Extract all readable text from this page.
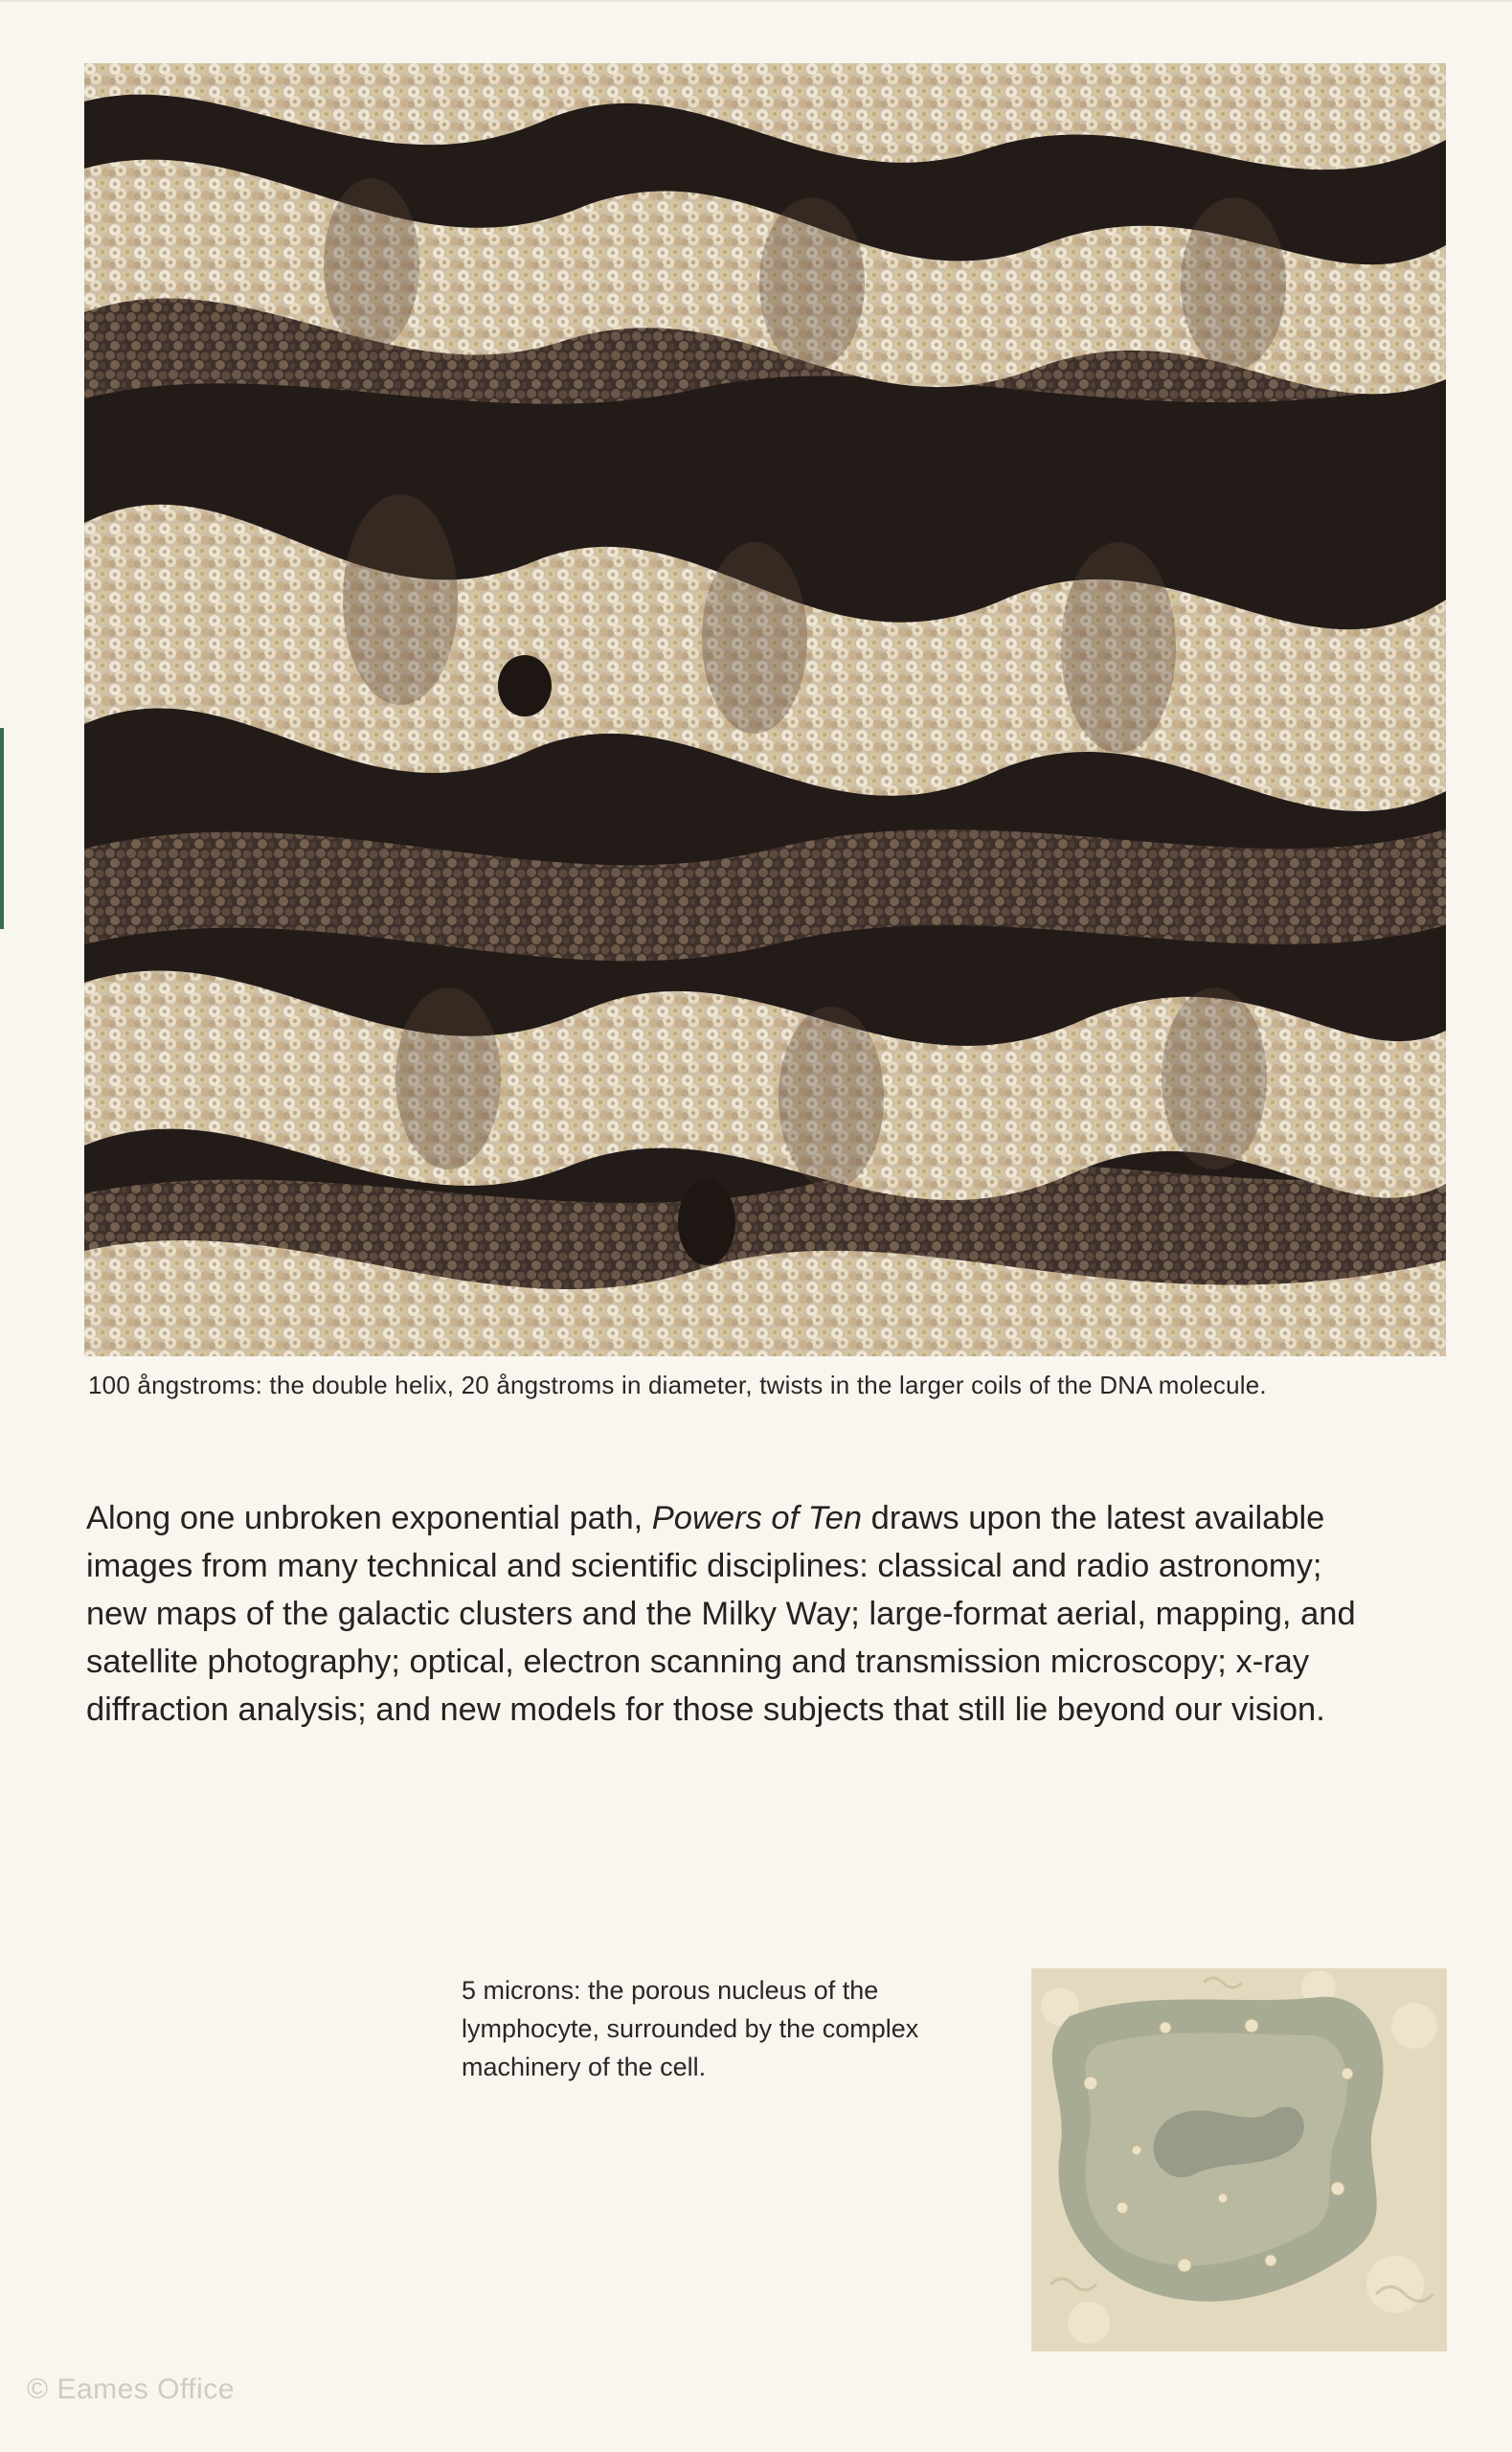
100 ångstroms: the double helix, 20 ångstroms in diameter, twists in the larger coils of the DNA molecule.

Along one unbroken exponential path, Powers of Ten draws upon the latest available
images from many technical and scientific disciplines: classical and radio astronomy;
new maps of the galactic clusters and the Milky Way; large-format aerial, mapping, and
satellite photography; optical, electron scanning and transmission microscopy; x-ray
diffraction analysis; and new models for those subjects that still lie beyond our vision.

5 microns: the porous nucleus of the
lymphocyte, surrounded by the complex
machinery of the cell.
© Eames Office
